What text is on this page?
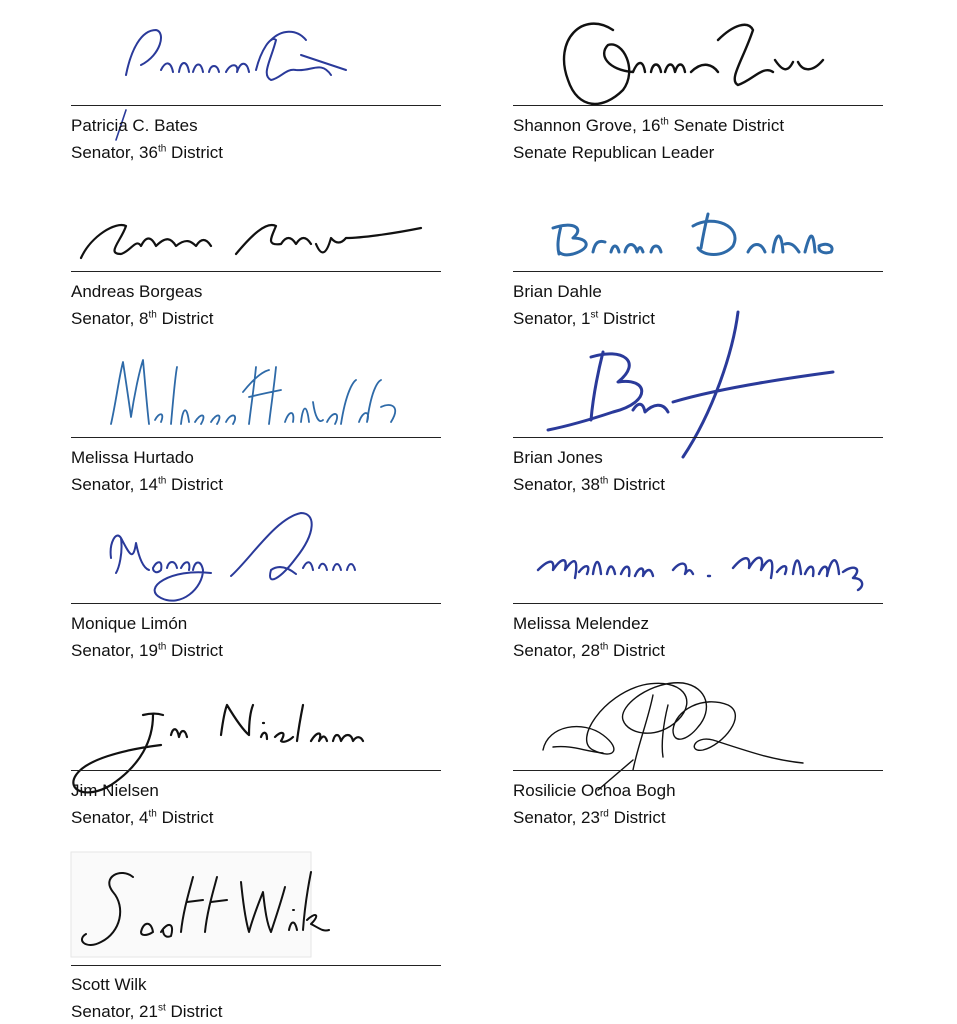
Patricia C. Bates
Senator, 36th District
Shannon Grove, 16th Senate District
Senate Republican Leader
Andreas Borgeas
Senator, 8th District
Brian Dahle
Senator, 1st District
Melissa Hurtado
Senator, 14th District
Brian Jones
Senator, 38th District
Monique Limón
Senator, 19th District
Melissa Melendez
Senator, 28th District
Jim Nielsen
Senator, 4th District
Rosilicie Ochoa Bogh
Senator, 23rd District
Scott Wilk
Senator, 21st District
